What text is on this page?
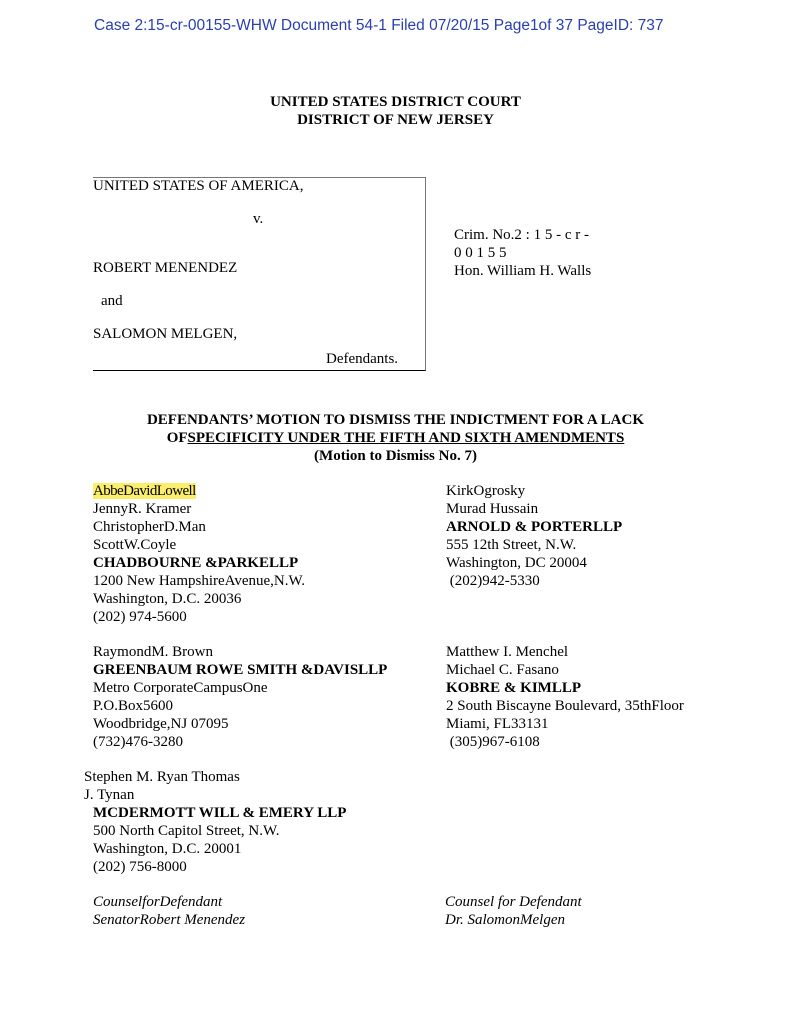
Case 2:15-cr-00155-WHW Document 54-1 Filed 07/20/15 Page1of 37 PageID: 737
UNITED STATES DISTRICT COURT
DISTRICT OF NEW JERSEY
UNITED STATES OF AMERICA,
v.
ROBERT MENENDEZ
and
SALOMON MELGEN,
Defendants.
Crim. No.2 : 1 5 - c r -
0 0 1 5 5
Hon. William H. Walls
DEFENDANTS’ MOTION TO DISMISS THE INDICTMENT FOR A LACK
OFSPECIFICITY UNDER THE FIFTH AND SIXTH AMENDMENTS
(Motion to Dismiss No. 7)
AbbeDavidLowell
JennyR. Kramer
ChristopherD.Man
ScottW.Coyle
CHADBOURNE &PARKELLP
1200 New HampshireAvenue,N.W.
Washington, D.C. 20036
(202) 974-5600
KirkOgrosky
Murad Hussain
ARNOLD & PORTERLLP
555 12th Street, N.W.
Washington, DC 20004
(202)942-5330
RaymondM. Brown
GREENBAUM ROWE SMITH &DAVISLLP
Metro CorporateCampusOne
P.O.Box5600
Woodbridge,NJ 07095
(732)476-3280
Matthew I. Menchel
Michael C. Fasano
KOBRE & KIMLLP
2 South Biscayne Boulevard, 35thFloor
Miami, FL33131
(305)967-6108
Stephen M. Ryan Thomas
J. Tynan
MCDERMOTT WILL & EMERY LLP
500 North Capitol Street, N.W.
Washington, D.C. 20001
(202) 756-8000
CounselforDefendant
SenatorRobert Menendez
Counsel for Defendant
Dr. SalomonMelgen
